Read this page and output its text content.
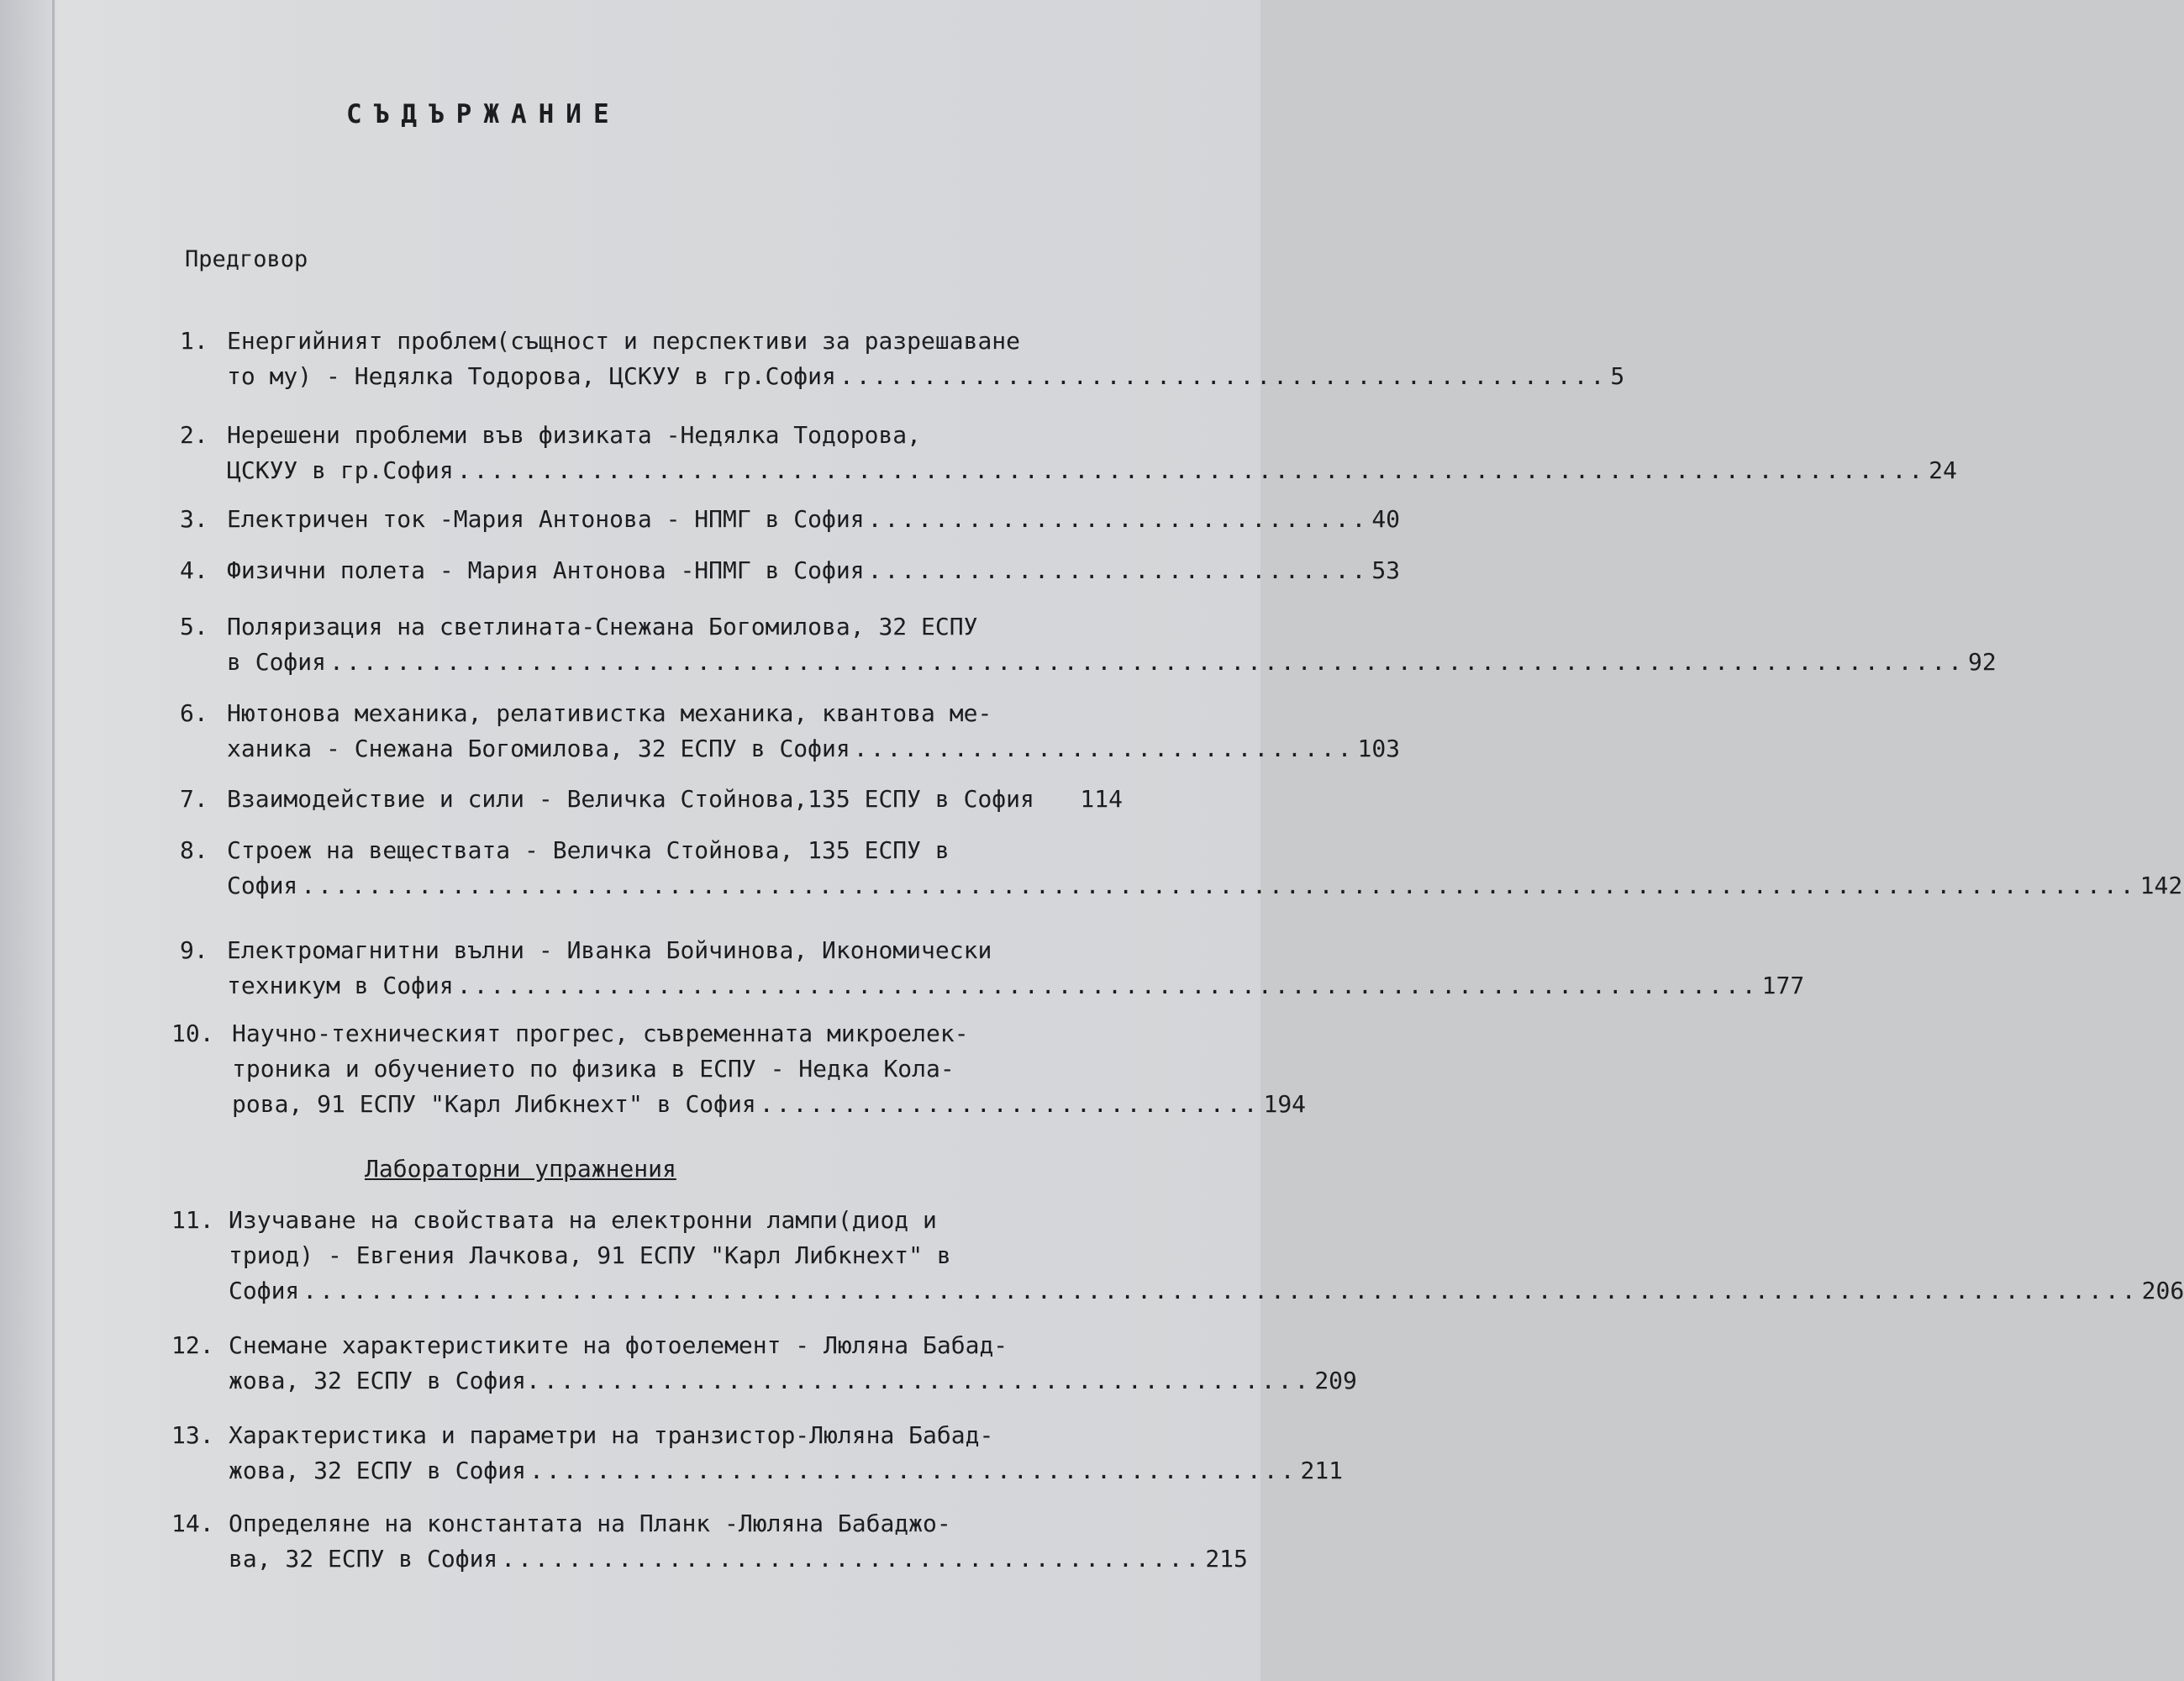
СЪДЪРЖАНИЕ
Предговор
1. Енергийният проблем(същност и перспективи за разрешаване
то му) - Недялка Тодорова, ЦСКУУ в гр.София .............................................. 5
2. Нерешени проблеми във физиката -Недялка Тодорова,
ЦСКУУ в гр.София ........................................................................................ 24
3. Електричен ток -Мария Антонова - НПМГ в София .............................. 40
4. Физични полета - Мария Антонова -НПМГ в София .............................. 53
5. Поляризация на светлината-Снежана Богомилова, 32 ЕСПУ
в София .................................................................................................. 92
6. Нютонова механика, релативистка механика, квантова ме-
ханика - Снежана Богомилова, 32 ЕСПУ в София .............................. 103
7. Взаимодействие и сили - Величка Стойнова,135 ЕСПУ в София 114
8. Строеж на веществата - Величка Стойнова, 135 ЕСПУ в
София .............................................................................................................. 142
9. Електромагнитни вълни - Иванка Бойчинова, Икономически
техникум в София .............................................................................. 177
10. Научно-техническият прогрес, съвременната микроелек-
троника и обучението по физика в ЕСПУ - Недка Кола-
рова, 91 ЕСПУ "Карл Либкнехт" в София .............................. 194
Лабораторни упражнения
11. Изучаване на свойствата на електронни лампи(диод и
триод) - Евгения Лачкова, 91 ЕСПУ "Карл Либкнехт" в
София .............................................................................................................. 206
12. Снемане характеристиките на фотоелемент - Люляна Бабад-
жова, 32 ЕСПУ в София. .............................................. 209
13. Характеристика и параметри на транзистор-Люляна Бабад-
жова, 32 ЕСПУ в София .............................................. 211
14. Определяне на константата на Планк -Люляна Бабаджо-
ва, 32 ЕСПУ в София .......................................... 215
